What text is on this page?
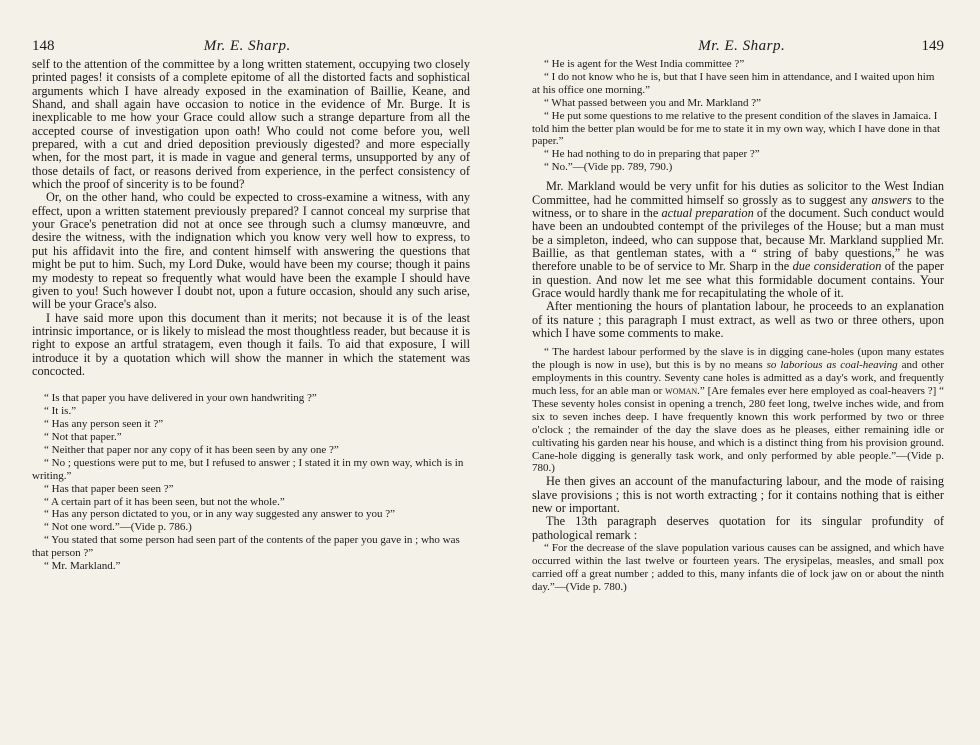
148	Mr. E. Sharp.

self to the attention of the committee by a long written statement, occupying two closely printed pages! it consists of a complete epitome of all the distorted facts and sophistical arguments which I have already exposed in the examination of Baillie, Keane, and Shand, and shall again have occasion to notice in the evidence of Mr. Burge. It is inexplicable to me how your Grace could allow such a strange departure from all the accepted course of investigation upon oath! Who could not come before you, well prepared, with a cut and dried deposition previously digested? and more especially when, for the most part, it is made in vague and general terms, unsupported by any of those details of fact, or reasons derived from experience, in the perfect consistency of which the proof of sincerity is to be found?

Or, on the other hand, who could be expected to cross-examine a witness, with any effect, upon a written statement previously prepared? I cannot conceal my surprise that your Grace's penetration did not at once see through such a clumsy manœuvre, and desire the witness, with the indignation which you know very well how to express, to put his affidavit into the fire, and content himself with answering the questions that might be put to him. Such, my Lord Duke, would have been my course; though it pains my modesty to repeat so frequently what would have been the example I should have given to you! Such however I doubt not, upon a future occasion, should any such arise, will be your Grace's also.

I have said more upon this document than it merits; not because it is of the least intrinsic importance, or is likely to mislead the most thoughtless reader, but because it is right to expose an artful stratagem, even though it fails. To aid that exposure, I will introduce it by a quotation which will show the manner in which the statement was concocted.

“ Is that paper you have delivered in your own handwriting ?”

“ It is.”

“ Has any person seen it ?”

“ Not that paper.”

“ Neither that paper nor any copy of it has been seen by any one ?”

“ No ; questions were put to me, but I refused to answer ; I stated it in my own way, which is in writing.”

“ Has that paper been seen ?”

“ A certain part of it has been seen, but not the whole.”

“ Has any person dictated to you, or in any way suggested any answer to you ?”

“ Not one word.”—(Vide p. 786.)

“ You stated that some person had seen part of the contents of the paper you gave in ; who was that person ?”

“ Mr. Markland.”

Mr. E. Sharp.	149

“ He is agent for the West India committee ?”

“ I do not know who he is, but that I have seen him in attendance, and I waited upon him at his office one morning.”

“ What passed between you and Mr. Markland ?”

“ He put some questions to me relative to the present condition of the slaves in Jamaica. I told him the better plan would be for me to state it in my own way, which I have done in that paper.”

“ He had nothing to do in preparing that paper ?”

“ No.”—(Vide pp. 789, 790.)

Mr. Markland would be very unfit for his duties as solicitor to the West Indian Committee, had he committed himself so grossly as to suggest any answers to the witness, or to share in the actual preparation of the document. Such conduct would have been an undoubted contempt of the privileges of the House; but a man must be a simpleton, indeed, who can suppose that, because Mr. Markland supplied Mr. Baillie, as that gentleman states, with a “ string of baby questions,” he was therefore unable to be of service to Mr. Sharp in the due consideration of the paper in question. And now let me see what this formidable document contains. Your Grace would hardly thank me for recapitulating the whole of it.

After mentioning the hours of plantation labour, he proceeds to an explanation of its nature ; this paragraph I must extract, as well as two or three others, upon which I have some comments to make.

“ The hardest labour performed by the slave is in digging cane-holes (upon many estates the plough is now in use), but this is by no means so laborious as coal-heaving and other employments in this country. Seventy cane holes is admitted as a day's work, and frequently much less, for an able man or woman.” [Are females ever here employed as coal-heavers ?] “ These seventy holes consist in opening a trench, 280 feet long, twelve inches wide, and from six to seven inches deep. I have frequently known this work performed by two or three o'clock ; the remainder of the day the slave does as he pleases, either remaining idle or cultivating his garden near his house, and which is a distinct thing from his provision ground. Cane-hole digging is generally task work, and only performed by able people.”—(Vide p. 780.)

He then gives an account of the manufacturing labour, and the mode of raising slave provisions ; this is not worth extracting ; for it contains nothing that is either new or important.

The 13th paragraph deserves quotation for its singular profundity of pathological remark :

“ For the decrease of the slave population various causes can be assigned, and which have occurred within the last twelve or fourteen years. The erysipelas, measles, and small pox carried off a great number ; added to this, many infants die of lock jaw on or about the ninth day.”—(Vide p. 780.)
